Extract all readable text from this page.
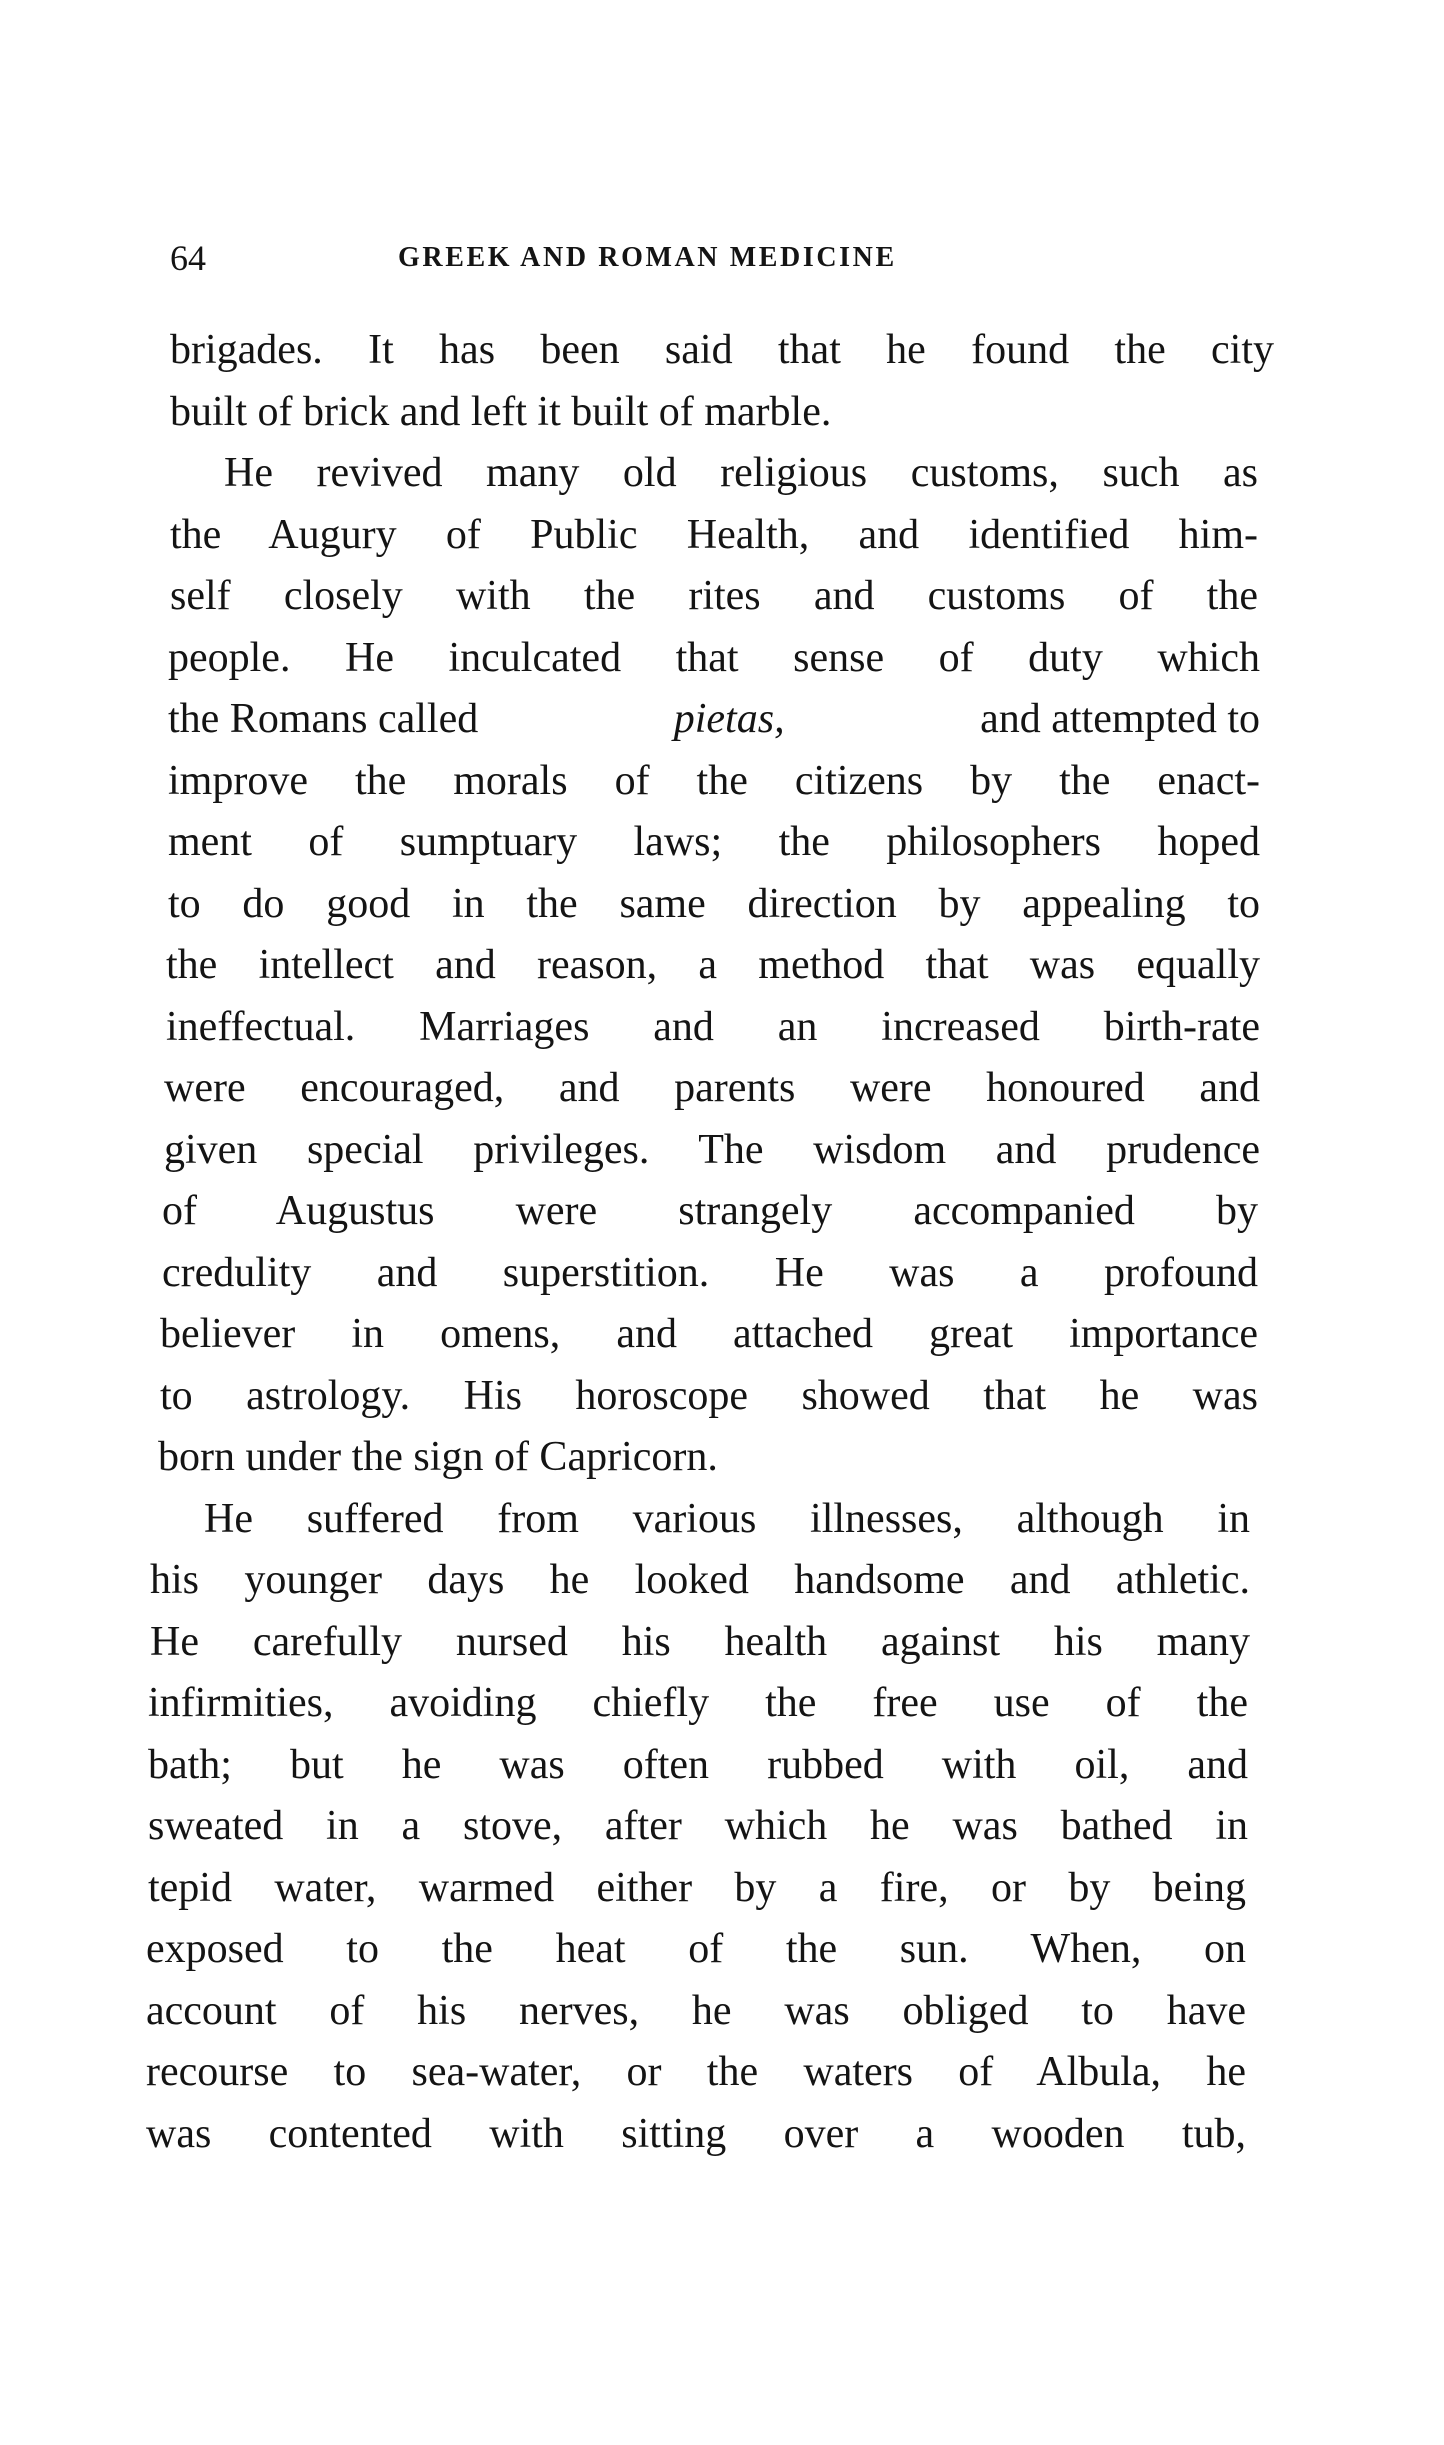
64	GREEK AND ROMAN MEDICINE
brigades. It has been said that he found the city
built of brick and left it built of marble.
He revived many old religious customs, such as
the Augury of Public Health, and identified him-
self closely with the rites and customs of the
people. He inculcated that sense of duty which
the Romans called	pietas,	and attempted to
improve the morals of the citizens by the enact-
ment of sumptuary laws; the philosophers hoped
to do good in the same direction by appealing to
the intellect and reason, a method that was equally
ineffectual. Marriages and an increased birth-rate
were encouraged, and parents were honoured and
given special privileges. The wisdom and prudence
of Augustus were strangely accompanied by
credulity and superstition. He was a profound
believer in omens, and attached great importance
to astrology. His horoscope showed that he was
born under the sign of Capricorn.
He suffered from various illnesses, although in
his younger days he looked handsome and athletic.
He carefully nursed his health against his many
infirmities, avoiding chiefly the free use of the
bath; but he was often rubbed with oil, and
sweated in a stove, after which he was bathed in
tepid water, warmed either by a fire, or by being
exposed to the heat of the sun. When, on
account of his nerves, he was obliged to have
recourse to sea-water, or the waters of Albula, he
was contented with sitting over a wooden tub,
